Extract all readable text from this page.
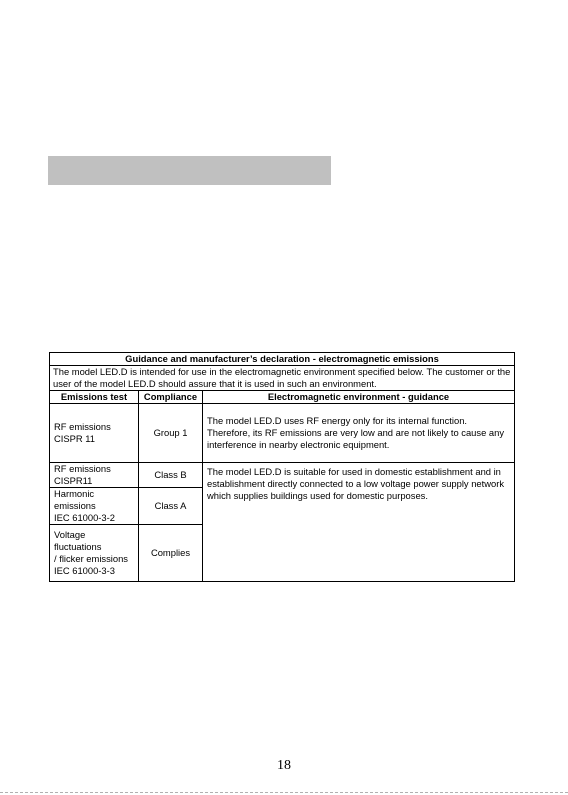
Guidance and manufacturer’s declaration - electromagnetic emissions		
The model LED.D is intended for use in the electromagnetic environment specified below. The customer or the user of the model LED.D should assure that it is used in such an environment.		
Emissions test	Compliance	Electromagnetic environment - guidance

RF emissions
CISPR 11	Group 1	The model LED.D uses RF energy only for its internal function. Therefore, its RF emissions are very low and are not likely to cause any interference in nearby electronic equipment.

RF emissions
CISPR11	Class B	The model LED.D is suitable for used in domestic establishment and in establishment directly connected to a low voltage power supply network which supplies buildings used for domestic purposes.

Harmonic emissions
IEC 61000-3-2	Class A	

Voltage fluctuations
/ flicker emissions
IEC 61000-3-3	Complies	
18
